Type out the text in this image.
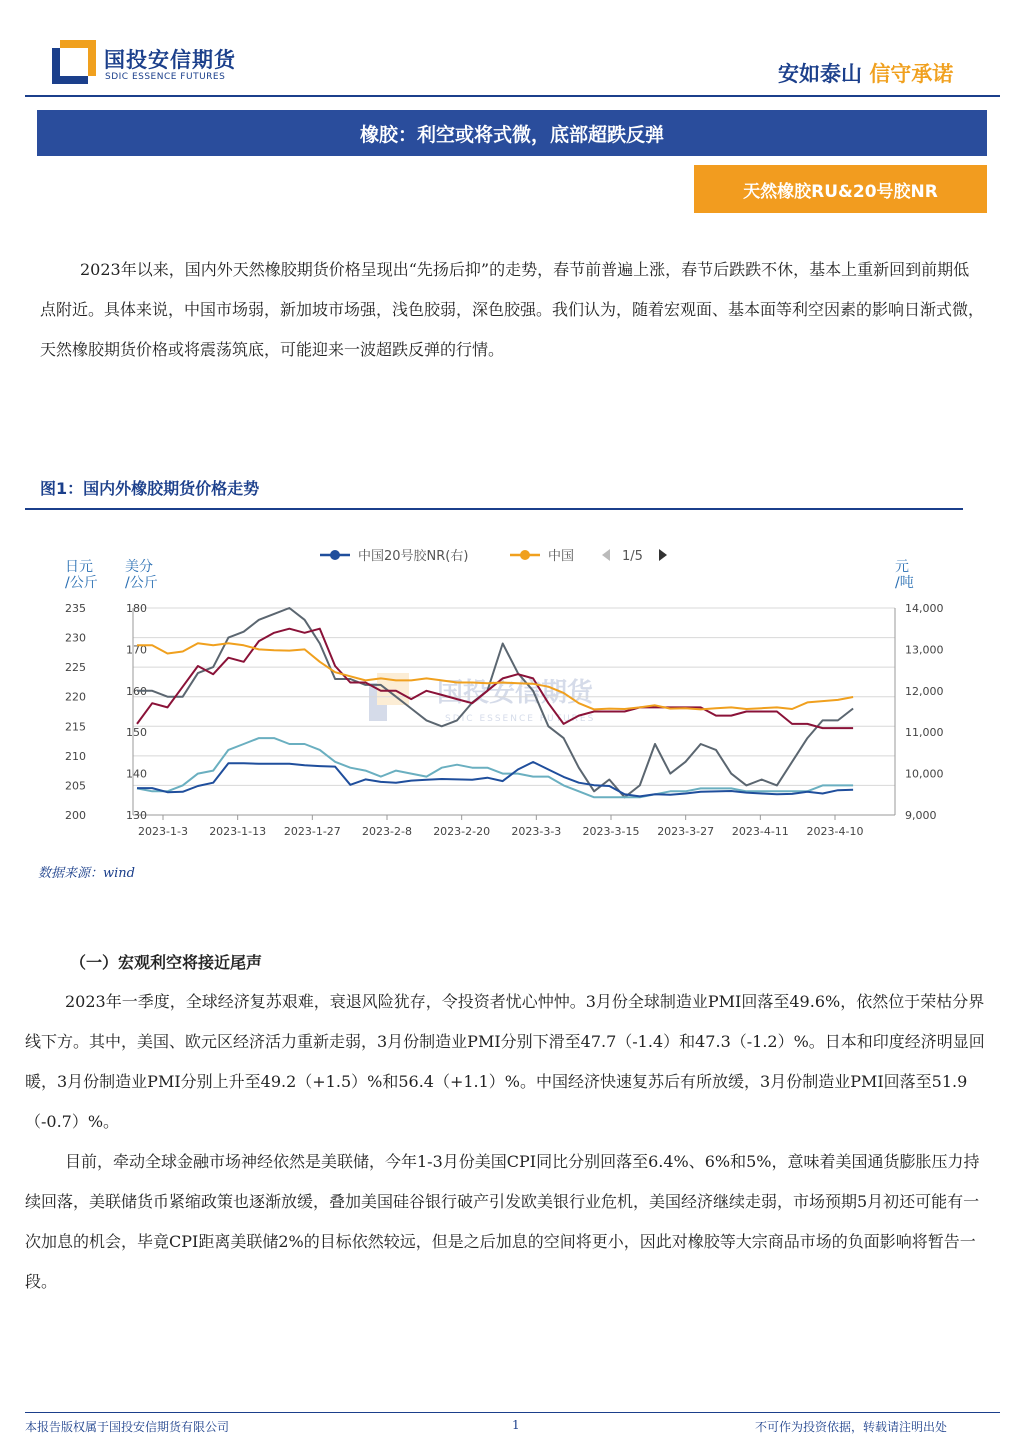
国投安信期货
SDIC ESSENCE FUTURES	安如泰山 信守承诺
橡胶：利空或将式微，底部超跌反弹
天然橡胶RU&20号胶NR
2023年以来，国内外天然橡胶期货价格呈现出“先扬后抑”的走势，春节前普遍上涨，春节后跌跌不休，基本上重新回到前期低点附近。具体来说，中国市场弱，新加坡市场强，浅色胶弱，深色胶强。我们认为，随着宏观面、基本面等利空因素的影响日渐式微，天然橡胶期货价格或将震荡筑底，可能迎来一波超跌反弹的行情。
图1：国内外橡胶期货价格走势
中国20号胶NR(右)	中国	1/5
日元/公斤
美分/公斤
元/吨
国投安信期货
SDIC ESSENCE FUTURES
235
230
225
220
215
210
205
200
180
170
160
150
140
130
14,000
13,000
12,000
11,000
10,000
9,000
2023-1-3 2023-1-13 2023-1-27 2023-2-8 2023-2-20 2023-3-3 2023-3-15 2023-3-27 2023-4-11 2023-4-10
数据来源：wind
（一）宏观利空将接近尾声
2023年一季度，全球经济复苏艰难，衰退风险犹存，令投资者忧心忡忡。3月份全球制造业PMI回落至49.6%，依然位于荣枯分界线下方。其中，美国、欧元区经济活力重新走弱，3月份制造业PMI分别下滑至47.7（-1.4）和47.3（-1.2）%。日本和印度经济明显回暖，3月份制造业PMI分别上升至49.2（+1.5）%和56.4（+1.1）%。中国经济快速复苏后有所放缓，3月份制造业PMI回落至51.9（-0.7）%。
目前，牵动全球金融市场神经依然是美联储，今年1-3月份美国CPI同比分别回落至6.4%、6%和5%，意味着美国通货膨胀压力持续回落，美联储货币紧缩政策也逐渐放缓，叠加美国硅谷银行破产引发欧美银行业危机，美国经济继续走弱，市场预期5月初还可能有一次加息的机会，毕竟CPI距离美联储2%的目标依然较远，但是之后加息的空间将更小，因此对橡胶等大宗商品市场的负面影响将暂告一段。
本报告版权属于国投安信期货有限公司	1	不可作为投资依据，转载请注明出处
